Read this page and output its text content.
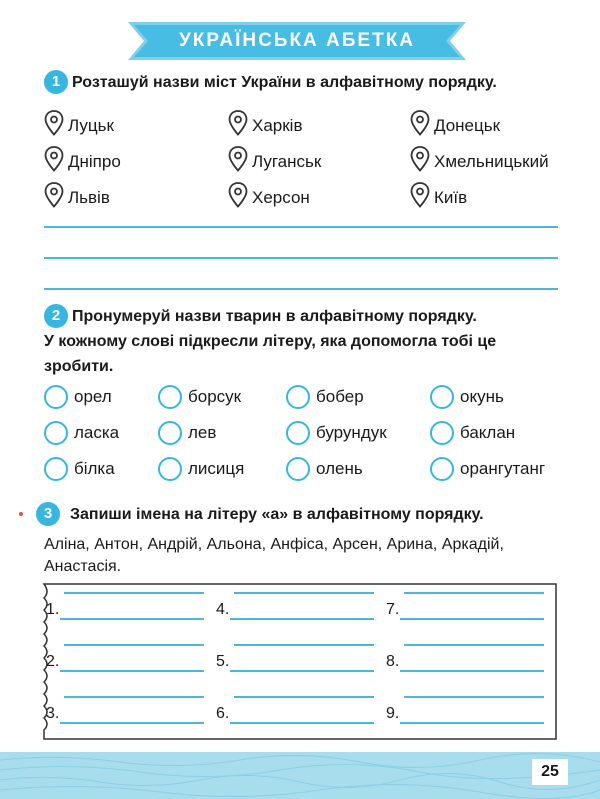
УКРАЇНСЬКА АБЕТКА
1 Розташуй назви міст України в алфавітному порядку.
Луцьк	Харків	Донецьк
Дніпро	Луганськ	Хмельницький
Львів	Херсон	Київ
2 Пронумеруй назви тварин в алфавітному порядку.
У кожному слові підкресли літеру, яка допомогла тобі це
зробити.
орел	борсук	бобер	окунь
ласка	лев	бурундук	баклан
білка	лисиця	олень	орангутанг
3	Запиши імена на літеру «а» в алфавітному порядку.
Аліна, Антон, Андрій, Альона, Анфіса, Арсен, Арина, Аркадій,
Анастасія.
1.	4.	7.
2.	5.	8.
3.	6.	9.
25
